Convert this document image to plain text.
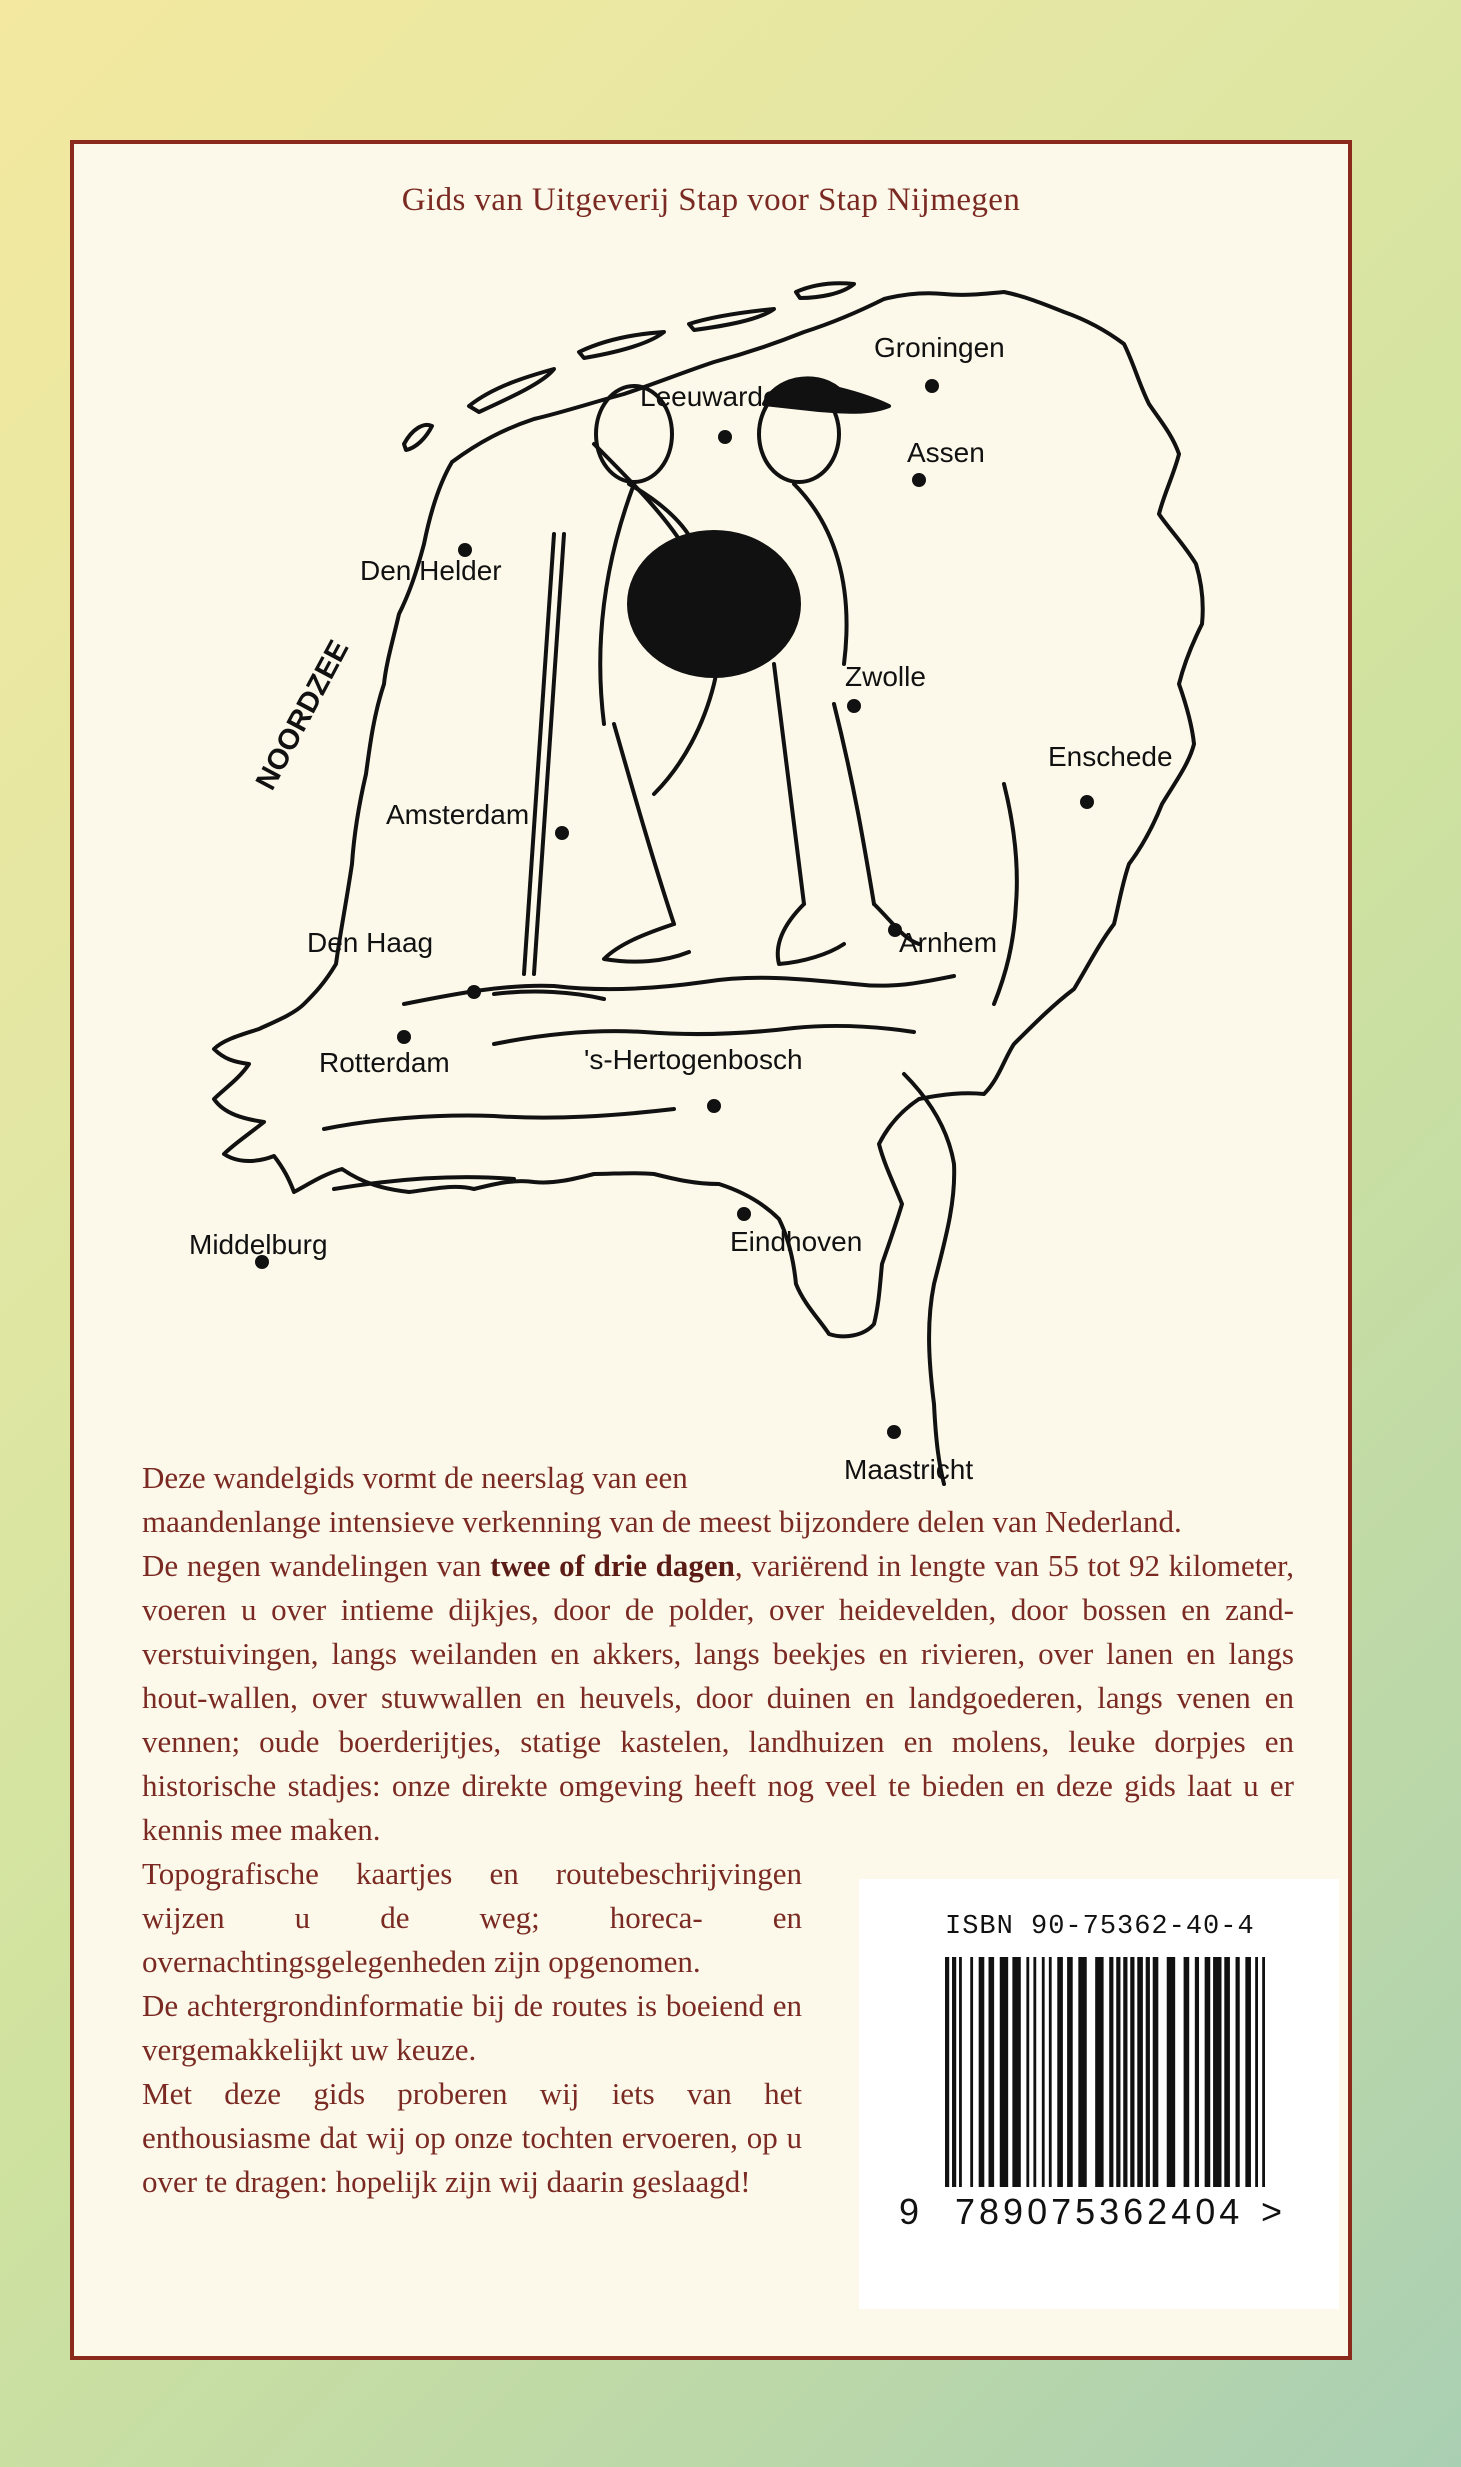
Gids van Uitgeverij Stap voor Stap Nijmegen
NOORDZEE
Groningen
Leeuwarden
Assen
Den Helder
Zwolle
Enschede
Amsterdam
Den Haag	Arnhem
Rotterdam	's-Hertogenbosch
Middelburg	Eindhoven
Maastricht

Deze wandelgids vormt de neerslag van een
maandenlange intensieve verkenning van de meest bijzondere delen van Nederland.

De negen wandelingen van twee of drie dagen, variërend in lengte van 55 tot 92 kilometer, voeren u over intieme dijkjes, door de polder, over heidevelden, door bossen en zand-verstuivingen, langs weilanden en akkers, langs beekjes en rivieren, over lanen en langs hout-wallen, over stuwwallen en heuvels, door duinen en landgoederen, langs venen en vennen; oude boerderijtjes, statige kastelen, landhuizen en molens, leuke dorpjes en historische stadjes: onze direkte omgeving heeft nog veel te bieden en deze gids laat u er kennis mee maken.

Topografische kaartjes en routebeschrijvingen wijzen u de weg; horeca- en overnachtingsgelegenheden zijn opgenomen.

De achtergrondinformatie bij de routes is boeiend en vergemakkelijkt uw keuze.

Met deze gids proberen wij iets van het enthousiasme dat wij op onze tochten ervoeren, op u over te dragen: hopelijk zijn wij daarin geslaagd!

ISBN 90-75362-40-4
9 789075362404 >
